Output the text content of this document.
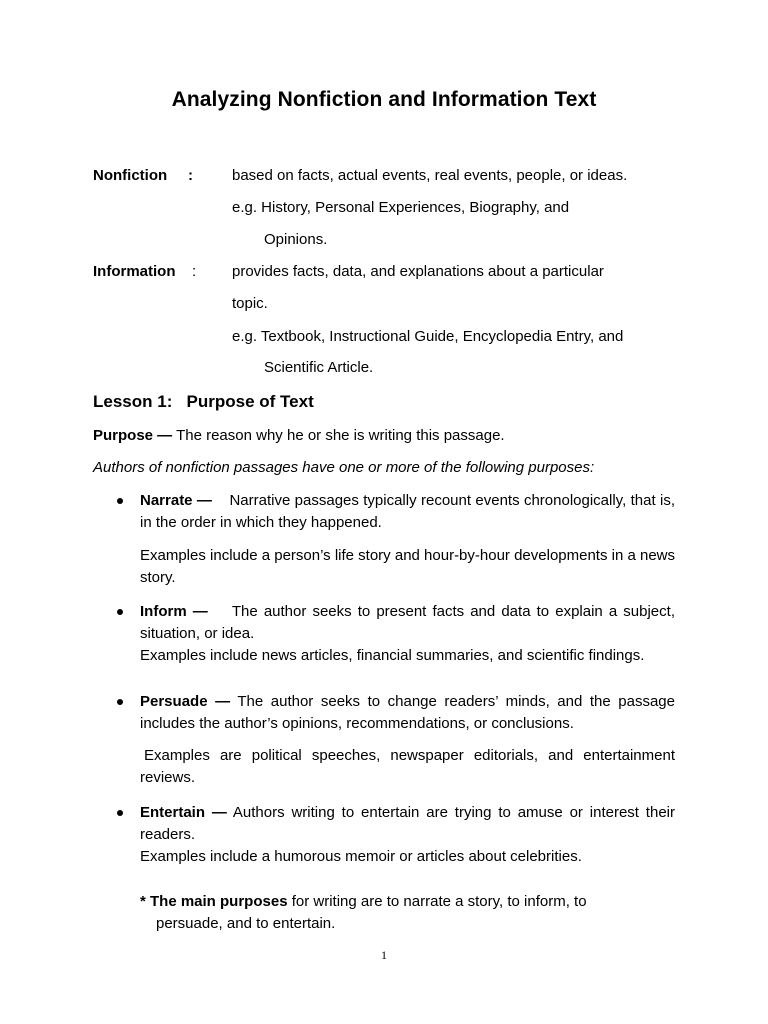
Analyzing Nonfiction and Information Text
Nonfiction :	based on facts, actual events, real events, people, or ideas.
e.g. History, Personal Experiences, Biography, and
Opinions.
Information : provides facts, data, and explanations about a particular
topic.
e.g. Textbook, Instructional Guide, Encyclopedia Entry, and
Scientific Article.
Lesson 1:   Purpose of Text
Purpose — The reason why he or she is writing this passage.
Authors of nonfiction passages have one or more of the following purposes:
Narrate — Narrative passages typically recount events chronologically, that is, in the order in which they happened.
Examples include a person’s life story and hour-by-hour developments in a news story.
Inform — The author seeks to present facts and data to explain a subject, situation, or idea.
Examples include news articles, financial summaries, and scientific findings.
Persuade — The author seeks to change readers’ minds, and the passage includes the author’s opinions, recommendations, or conclusions.
Examples are political speeches, newspaper editorials, and entertainment reviews.
Entertain — Authors writing to entertain are trying to amuse or interest their readers.
Examples include a humorous memoir or articles about celebrities.
* The main purposes for writing are to narrate a story, to inform, to
persuade, and to entertain.
1
